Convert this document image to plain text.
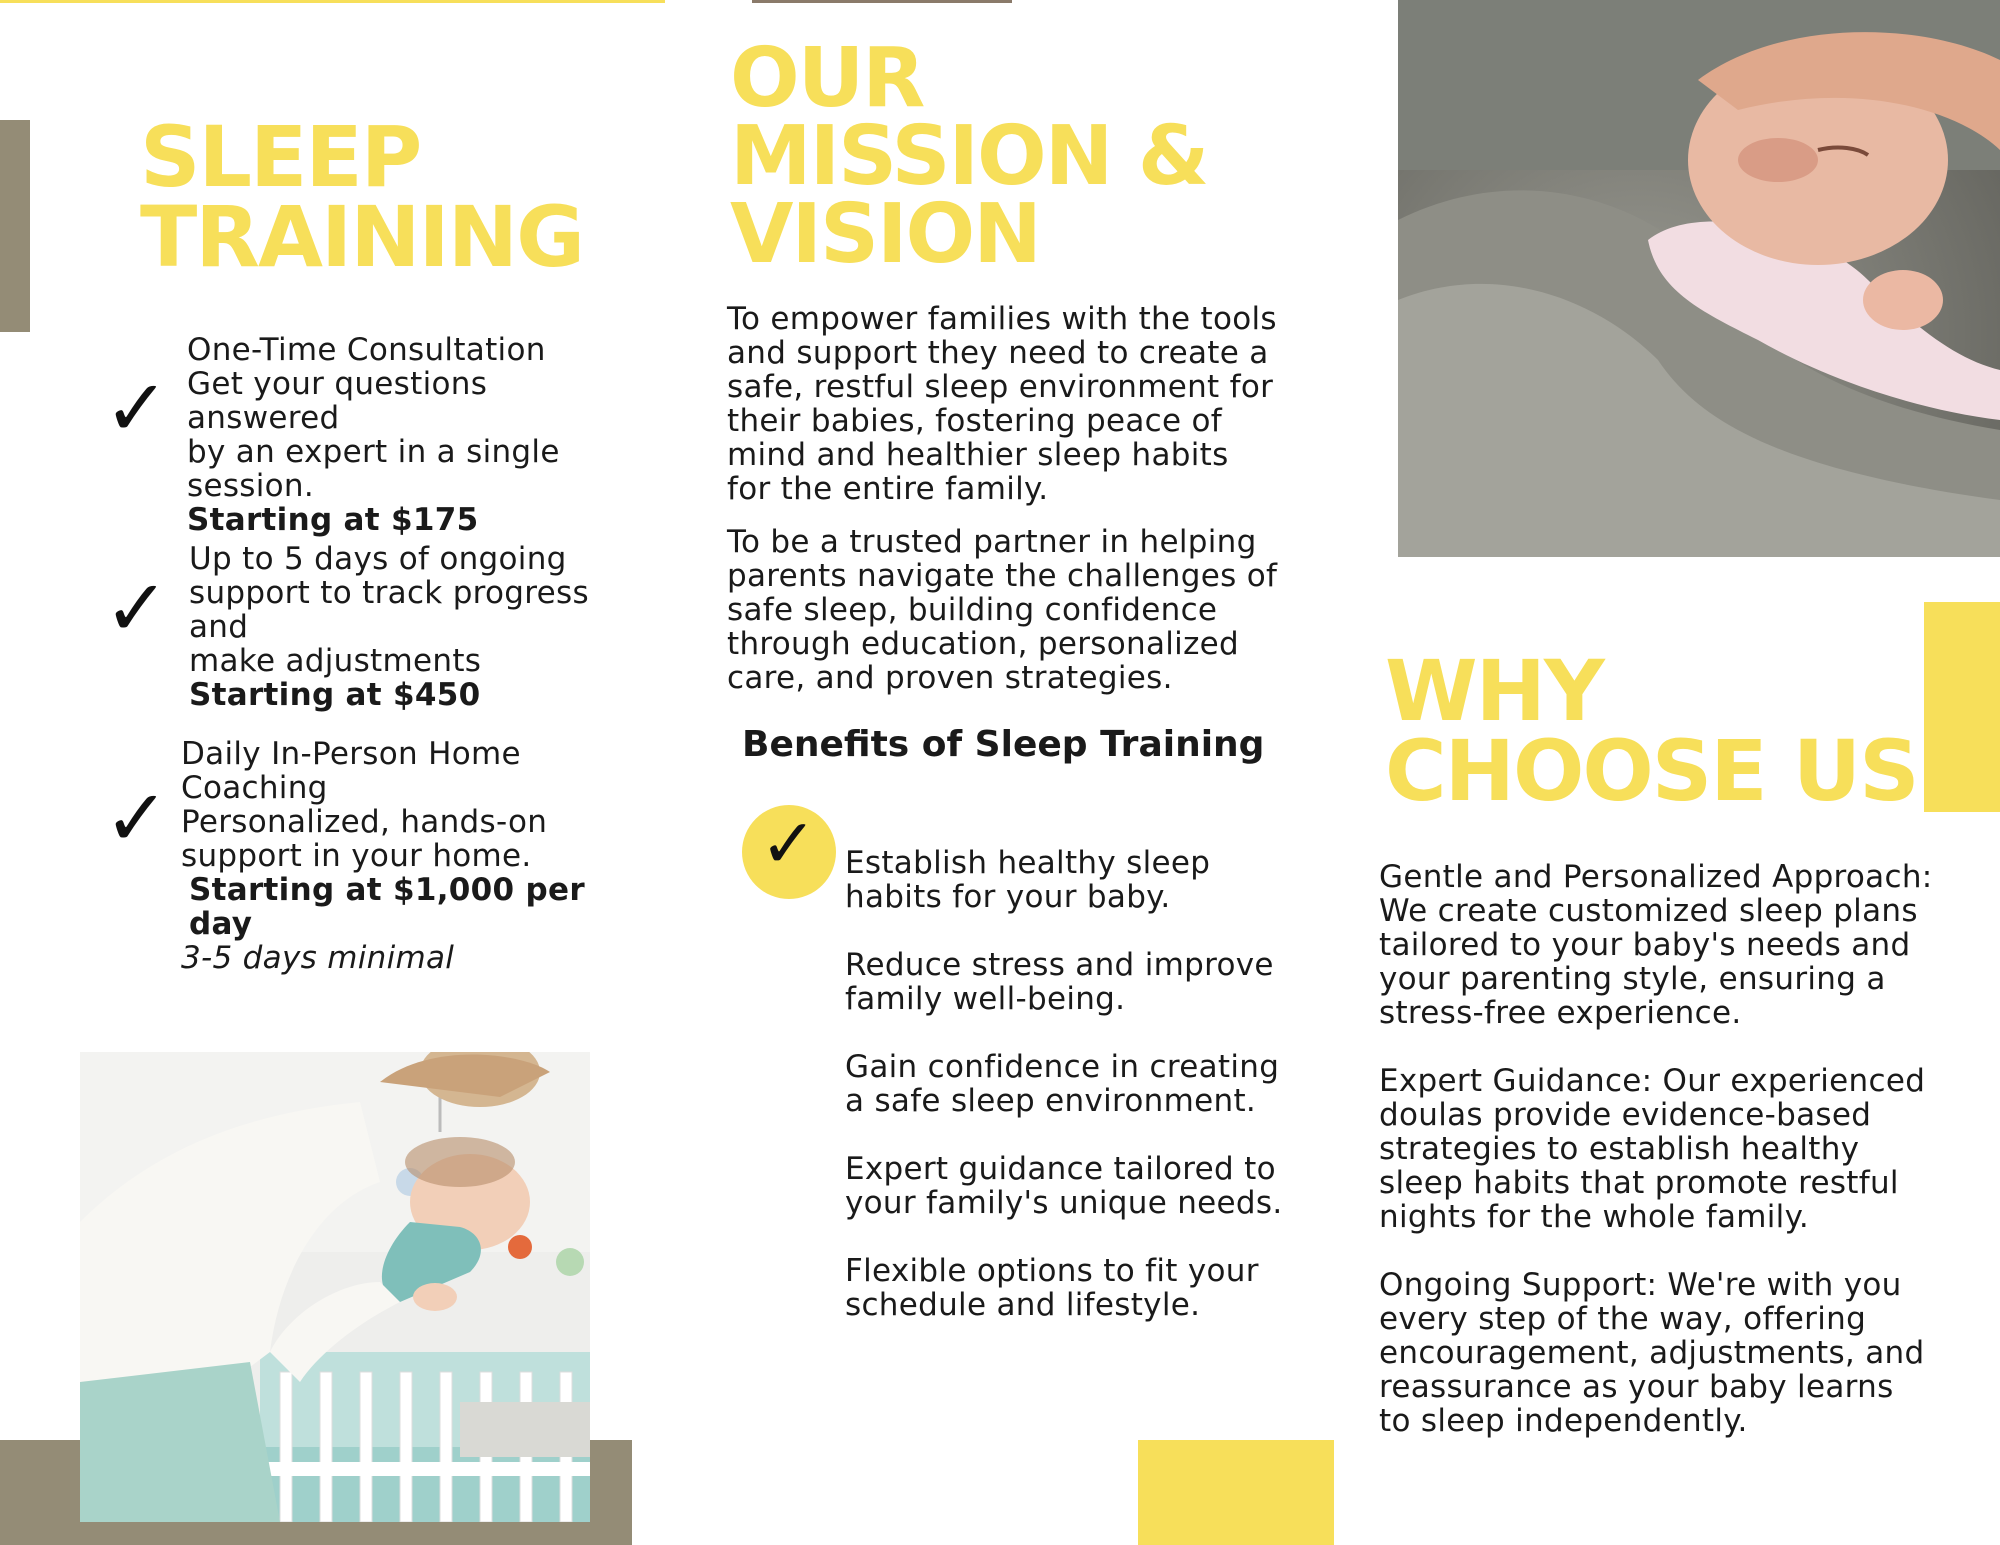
SLEEP
TRAINING
✓
One-Time Consultation
Get your questions answered
by an expert in a single
session.
Starting at $175
✓
Up to 5 days of ongoing
support to track progress and
make adjustments
Starting at $450
✓
Daily In-Person Home
Coaching
Personalized, hands-on
support in your home.
Starting at $1,000 per day
3-5 days minimal
OUR
MISSION &
VISION
To empower families with the tools and support they need to create a safe, restful sleep environment for their babies, fostering peace of mind and healthier sleep habits for the entire family.
To be a trusted partner in helping parents navigate the challenges of safe sleep, building confidence through education, personalized care, and proven strategies.
Benefits of Sleep Training
✓ Establish healthy sleep habits for your baby.
Reduce stress and improve family well-being.
Gain confidence in creating a safe sleep environment.
Expert guidance tailored to your family's unique needs.
Flexible options to fit your schedule and lifestyle.
WHY
CHOOSE US
Gentle and Personalized Approach: We create customized sleep plans tailored to your baby's needs and your parenting style, ensuring a stress-free experience.
Expert Guidance: Our experienced doulas provide evidence-based strategies to establish healthy sleep habits that promote restful nights for the whole family.
Ongoing Support: We're with you every step of the way, offering encouragement, adjustments, and reassurance as your baby learns to sleep independently.
